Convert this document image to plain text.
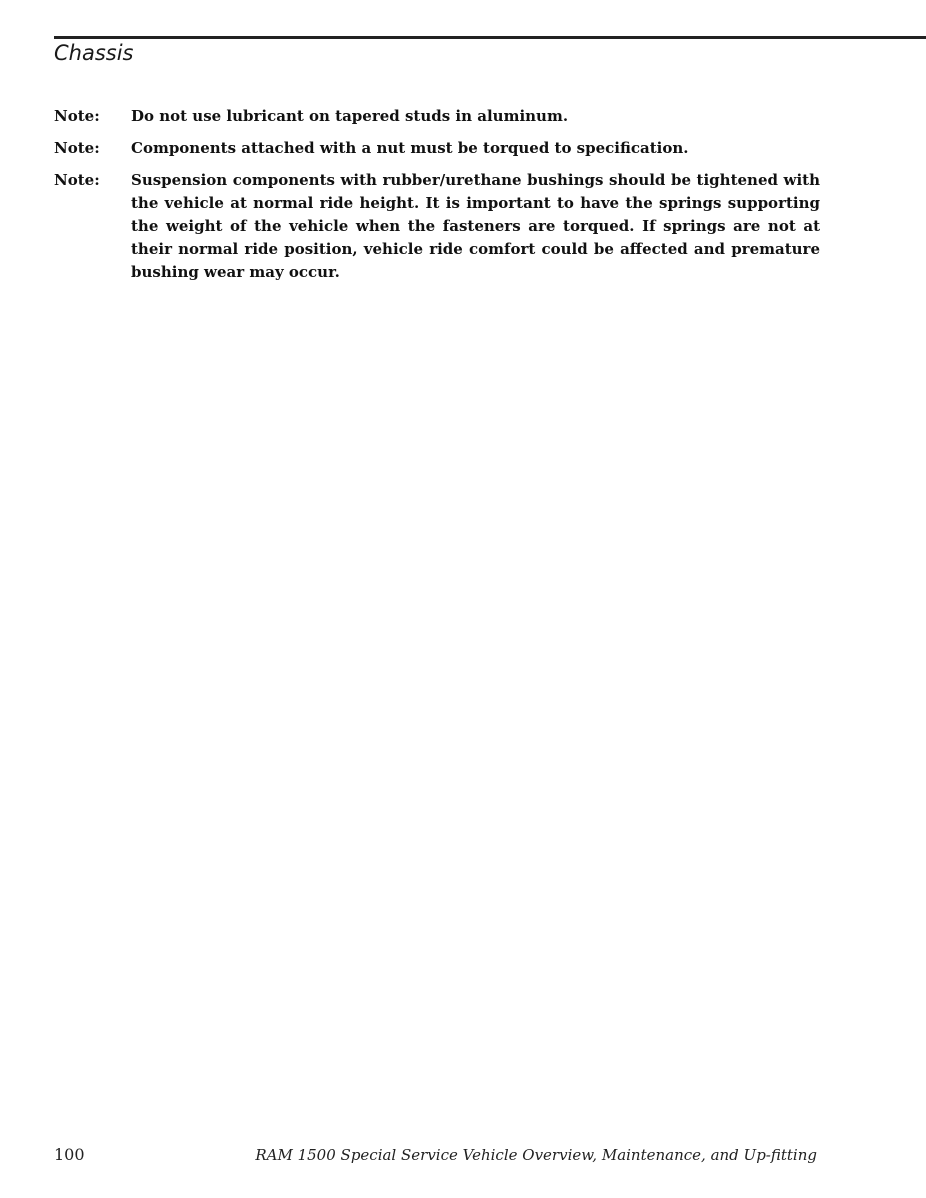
Chassis
Note:	Do not use lubricant on tapered studs in aluminum.
Note:	Components attached with a nut must be torqued to specification.
Note:	Suspension components with rubber/urethane bushings should be tightened with the vehicle at normal ride height. It is important to have the springs supporting the weight of the vehicle when the fasteners are torqued. If springs are not at their normal ride position, vehicle ride comfort could be affected and premature bushing wear may occur.
100	RAM 1500 Special Service Vehicle Overview, Maintenance, and Up-fitting
